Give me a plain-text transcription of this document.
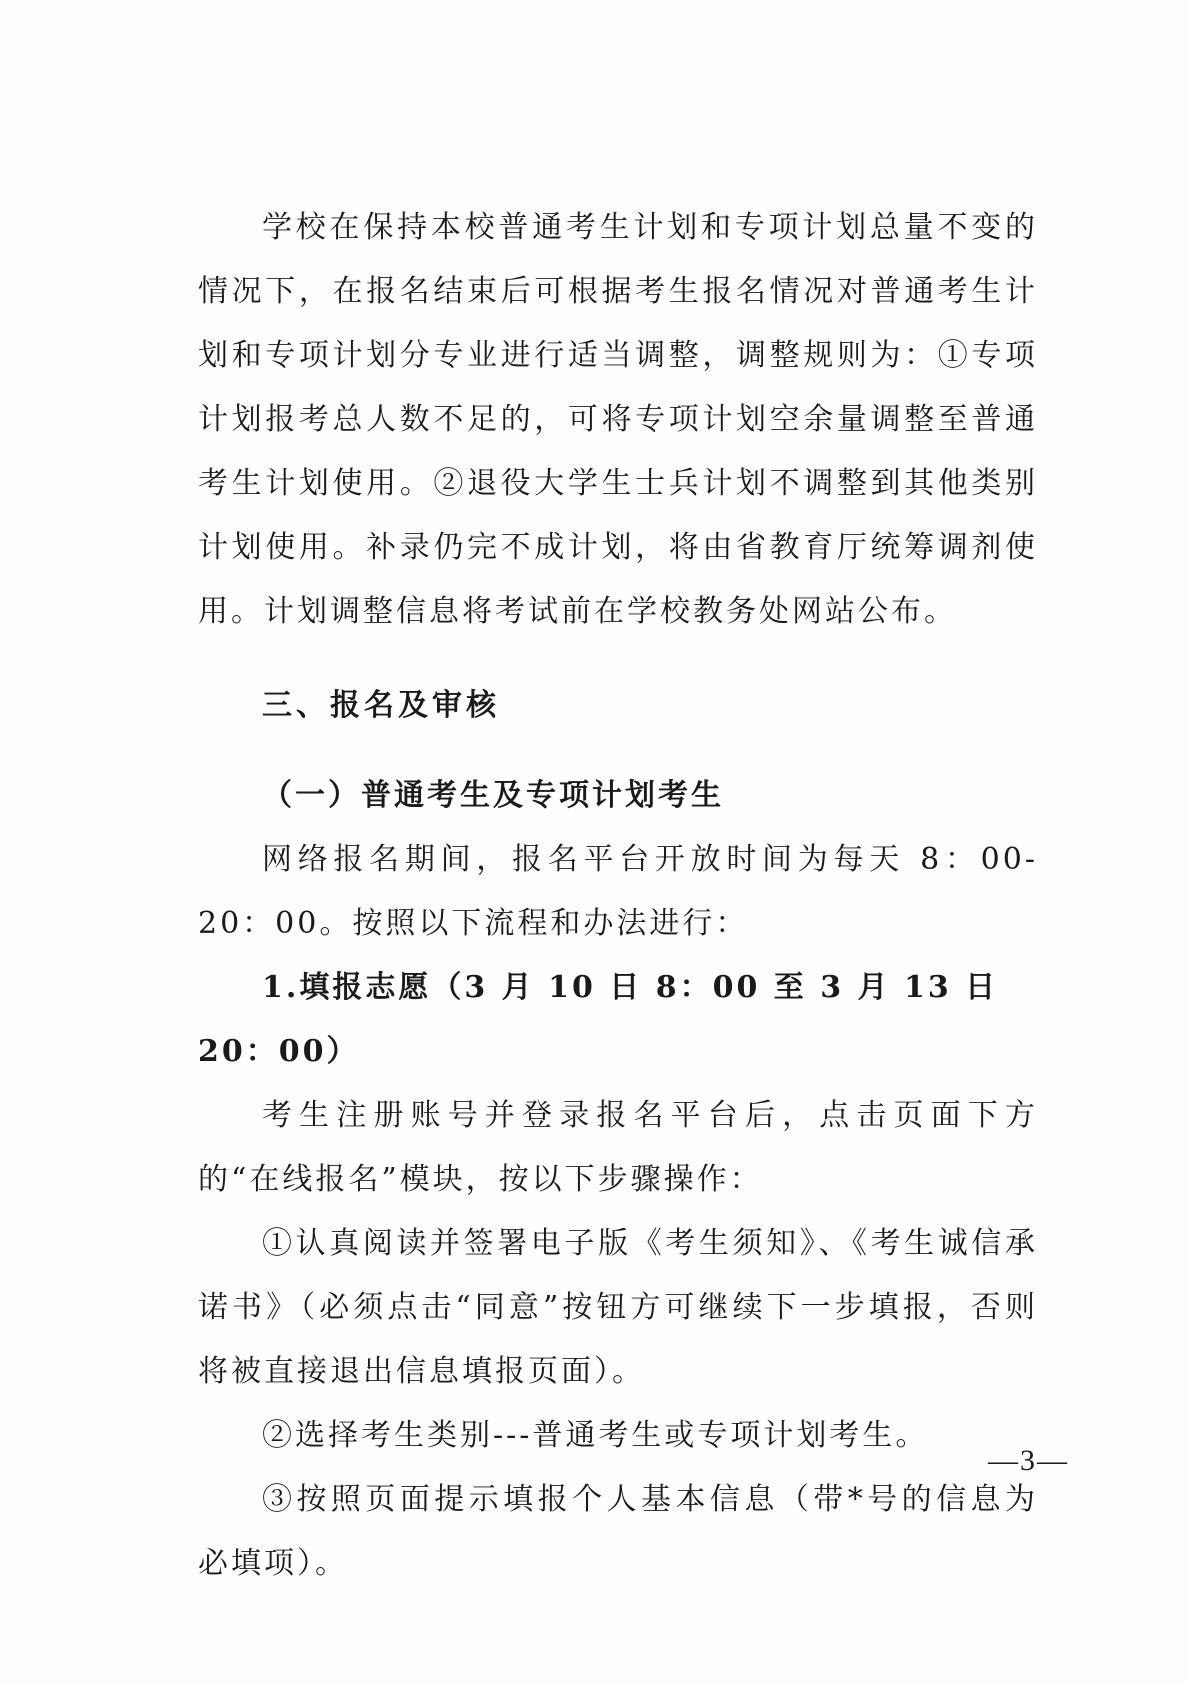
学校在保持本校普通考生计划和专项计划总量不变的情况下，在报名结束后可根据考生报名情况对普通考生计划和专项计划分专业进行适当调整，调整规则为：①专项计划报考总人数不足的，可将专项计划空余量调整至普通考生计划使用。②退役大学生士兵计划不调整到其他类别计划使用。补录仍完不成计划，将由省教育厅统筹调剂使用。计划调整信息将考试前在学校教务处网站公布。

三、报名及审核

（一）普通考生及专项计划考生

网络报名期间，报名平台开放时间为每天 8：00-20：00。按照以下流程和办法进行：

1.填报志愿（3 月 10 日 8：00 至 3 月 13 日 20：00）

考生注册账号并登录报名平台后，点击页面下方的“在线报名”模块，按以下步骤操作：

①认真阅读并签署电子版《考生须知》、《考生诚信承诺书》（必须点击“同意”按钮方可继续下一步填报，否则将被直接退出信息填报页面）。

②选择考生类别---普通考生或专项计划考生。

③按照页面提示填报个人基本信息（带*号的信息为必填项）。

—3—
